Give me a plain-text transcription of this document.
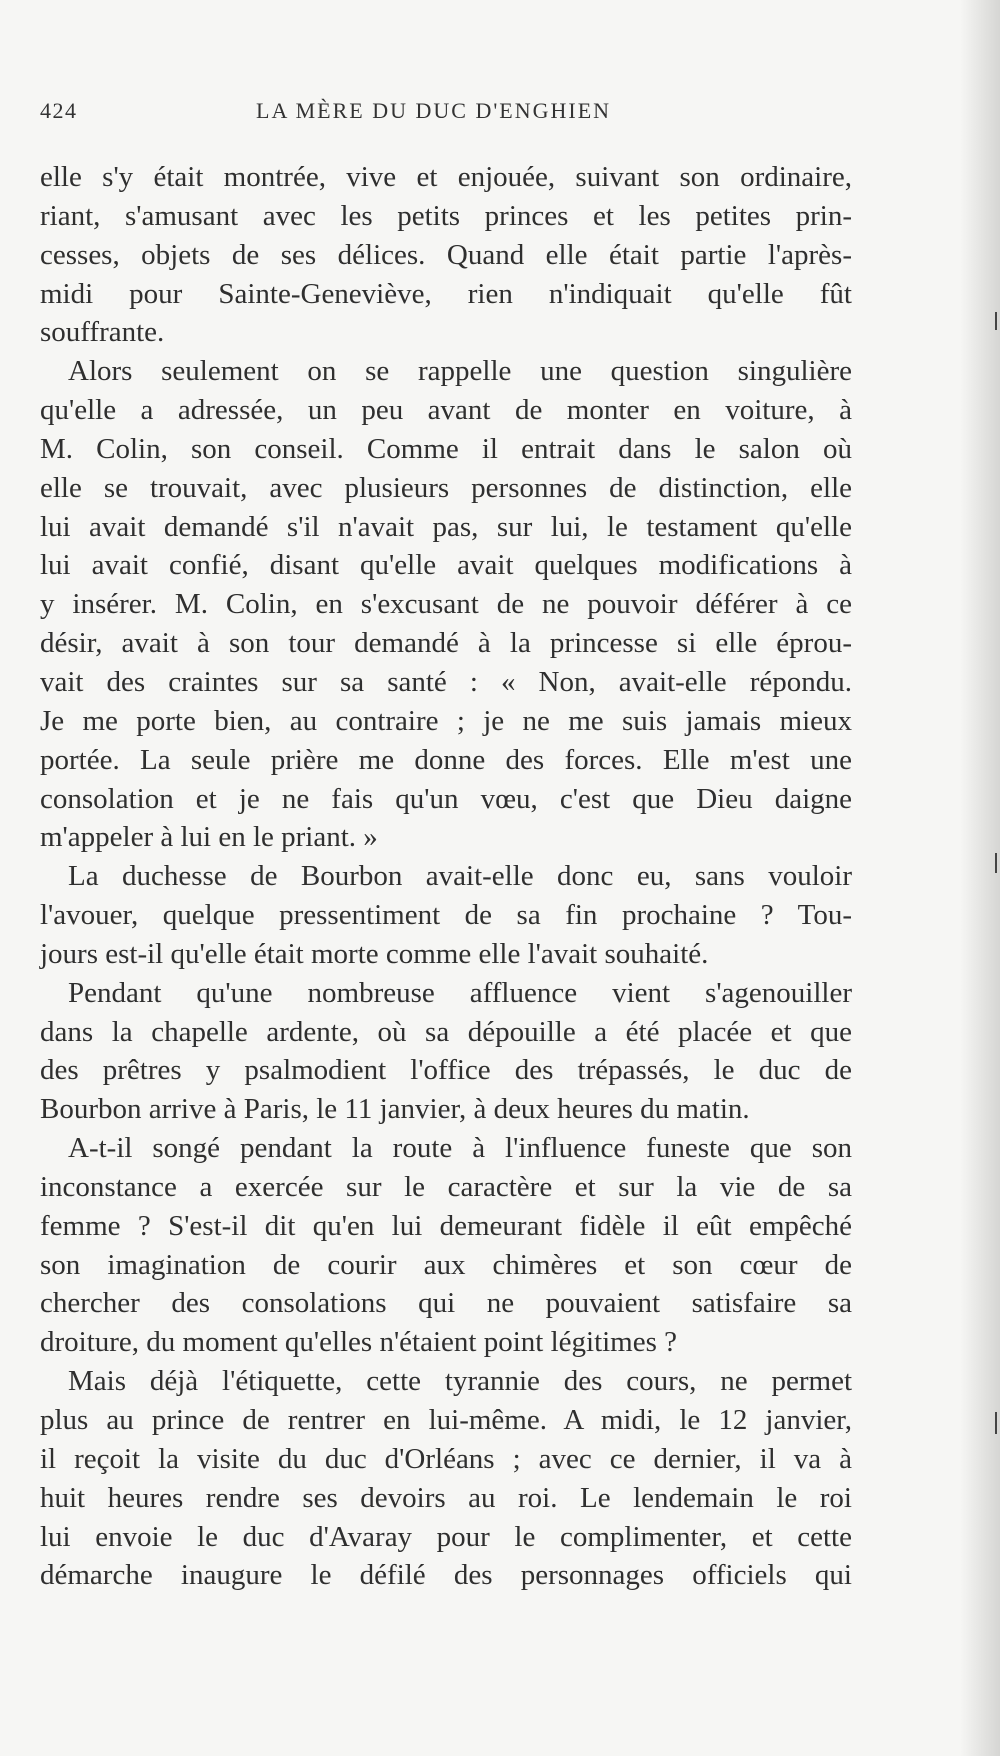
424	LA MÈRE DU DUC D'ENGHIEN
elle s'y était montrée, vive et enjouée, suivant son ordinaire,
riant, s'amusant avec les petits princes et les petites prin-
cesses, objets de ses délices. Quand elle était partie l'après-
midi pour Sainte-Geneviève, rien n'indiquait qu'elle fût
souffrante.
Alors seulement on se rappelle une question singulière
qu'elle a adressée, un peu avant de monter en voiture, à
M. Colin, son conseil. Comme il entrait dans le salon où
elle se trouvait, avec plusieurs personnes de distinction, elle
lui avait demandé s'il n'avait pas, sur lui, le testament qu'elle
lui avait confié, disant qu'elle avait quelques modifications à
y insérer. M. Colin, en s'excusant de ne pouvoir déférer à ce
désir, avait à son tour demandé à la princesse si elle éprou-
vait des craintes sur sa santé : « Non, avait-elle répondu.
Je me porte bien, au contraire ; je ne me suis jamais mieux
portée. La seule prière me donne des forces. Elle m'est une
consolation et je ne fais qu'un vœu, c'est que Dieu daigne
m'appeler à lui en le priant. »
La duchesse de Bourbon avait-elle donc eu, sans vouloir
l'avouer, quelque pressentiment de sa fin prochaine ? Tou-
jours est-il qu'elle était morte comme elle l'avait souhaité.
Pendant qu'une nombreuse affluence vient s'agenouiller
dans la chapelle ardente, où sa dépouille a été placée et que
des prêtres y psalmodient l'office des trépassés, le duc de
Bourbon arrive à Paris, le 11 janvier, à deux heures du matin.
A-t-il songé pendant la route à l'influence funeste que son
inconstance a exercée sur le caractère et sur la vie de sa
femme ? S'est-il dit qu'en lui demeurant fidèle il eût empêché
son imagination de courir aux chimères et son cœur de
chercher des consolations qui ne pouvaient satisfaire sa
droiture, du moment qu'elles n'étaient point légitimes ?
Mais déjà l'étiquette, cette tyrannie des cours, ne permet
plus au prince de rentrer en lui-même. A midi, le 12 janvier,
il reçoit la visite du duc d'Orléans ; avec ce dernier, il va à
huit heures rendre ses devoirs au roi. Le lendemain le roi
lui envoie le duc d'Avaray pour le complimenter, et cette
démarche inaugure le défilé des personnages officiels qui
